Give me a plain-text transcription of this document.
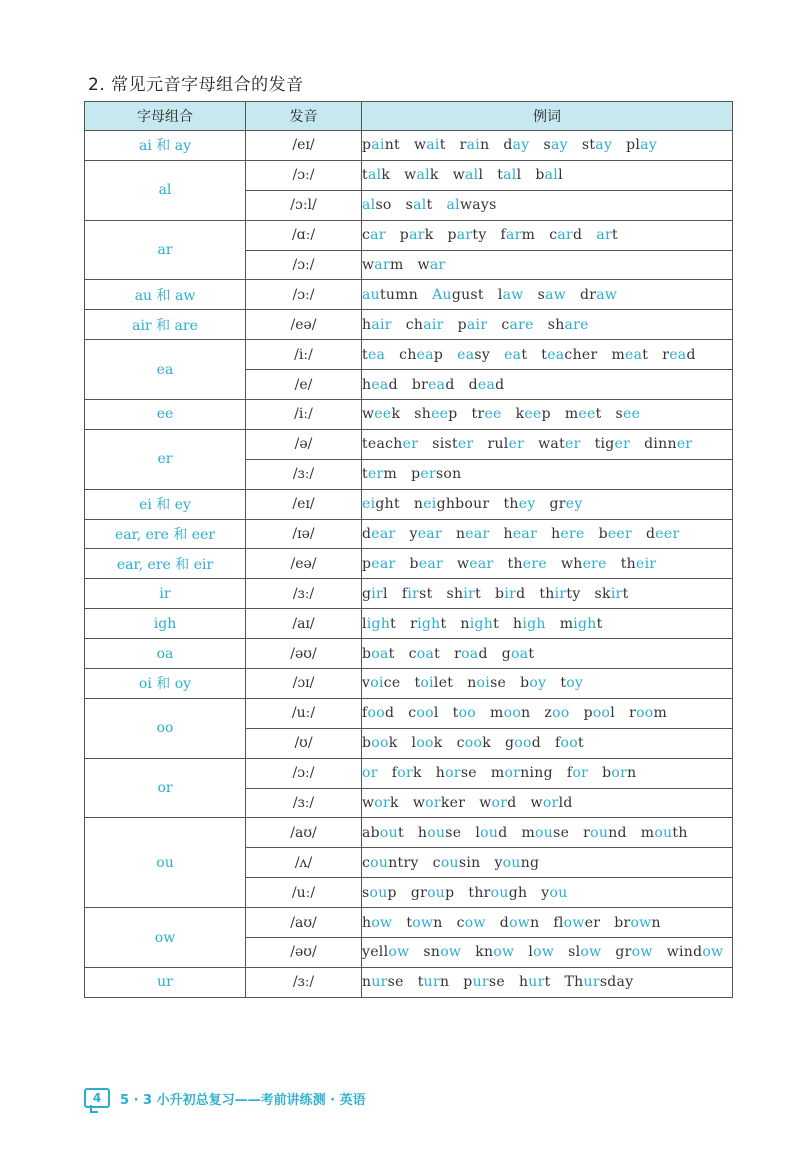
2. 常见元音字母组合的发音
字母组合	发音	例词
ai 和 ay	/eɪ/	paint wait rain day say stay play
al	/ɔː/	talk walk wall tall ball
	/ɔːl/	also salt always
ar	/ɑː/	car park party farm card art
	/ɔː/	warm war
au 和 aw	/ɔː/	autumn August law saw draw
air 和 are	/eə/	hair chair pair care share
ea	/iː/	tea cheap easy eat teacher meat read
	/e/	head bread dead
ee	/iː/	week sheep tree keep meet see
er	/ə/	teacher sister ruler water tiger dinner
	/ɜː/	term person
ei 和 ey	/eɪ/	eight neighbour they grey
ear, ere 和 eer	/ɪə/	dear year near hear here beer deer
ear, ere 和 eir	/eə/	pear bear wear there where their
ir	/ɜː/	girl first shirt bird thirty skirt
igh	/aɪ/	light right night high might
oa	/əʊ/	boat coat road goat
oi 和 oy	/ɔɪ/	voice toilet noise boy toy
oo	/uː/	food cool too moon zoo pool room
	/ʊ/	book look cook good foot
or	/ɔː/	or fork horse morning for born
	/ɜː/	work worker word world
ou	/aʊ/	about house loud mouse round mouth
	/ʌ/	country cousin young
	/uː/	soup group through you
ow	/aʊ/	how town cow down flower brown
	/əʊ/	yellow snow know low slow grow window
ur	/ɜː/	nurse turn purse hurt Thursday
4	5 · 3 小升初总复习——考前讲练测 · 英语
